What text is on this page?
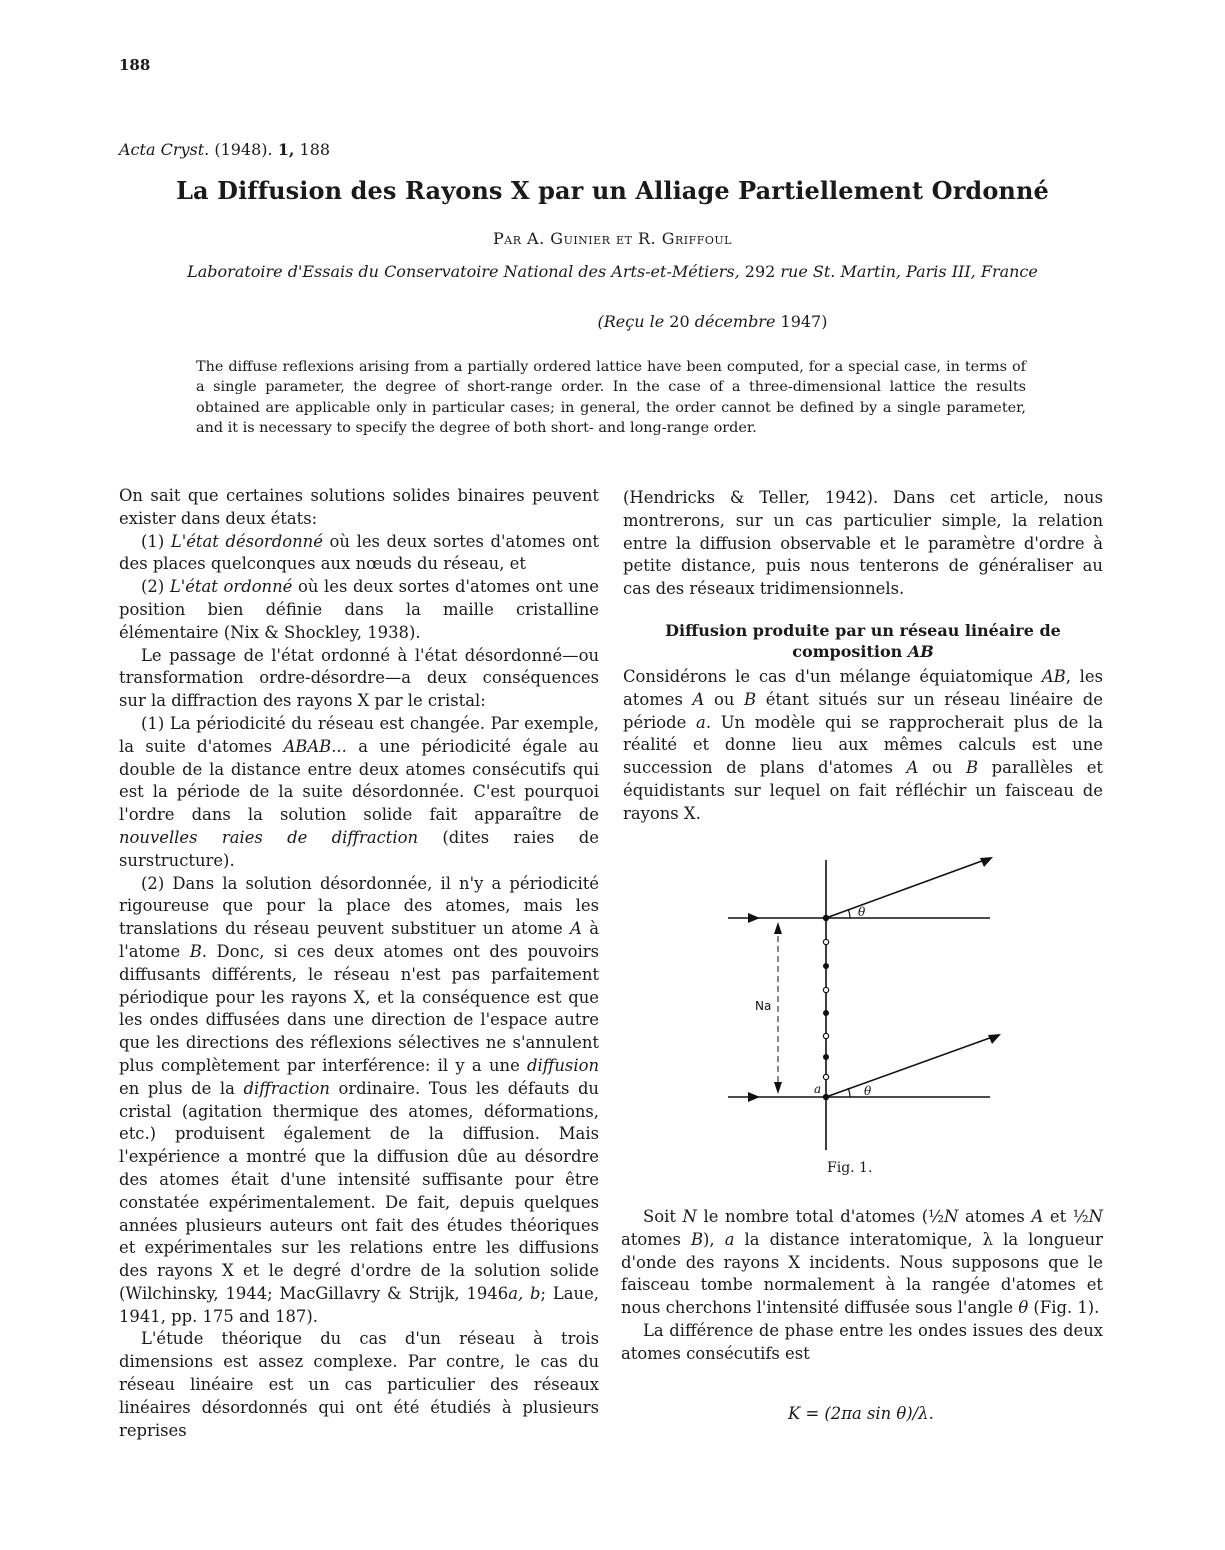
188
Acta Cryst. (1948). 1, 188
La Diffusion des Rayons X par un Alliage Partiellement Ordonné
Par A. Guinier et R. Griffoul
Laboratoire d'Essais du Conservatoire National des Arts-et-Métiers, 292 rue St. Martin, Paris III, France
(Reçu le 20 décembre 1947)
The diffuse reflexions arising from a partially ordered lattice have been computed, for a special case, in terms of a single parameter, the degree of short-range order. In the case of a three-dimensional lattice the results obtained are applicable only in particular cases; in general, the order cannot be defined by a single parameter, and it is necessary to specify the degree of both short- and long-range order.

On sait que certaines solutions solides binaires peuvent exister dans deux états:

(1) L'état désordonné où les deux sortes d'atomes ont des places quelconques aux nœuds du réseau, et

(2) L'état ordonné où les deux sortes d'atomes ont une position bien définie dans la maille cristalline élémentaire (Nix & Shockley, 1938).

Le passage de l'état ordonné à l'état désordonné—ou transformation ordre-désordre—a deux conséquences sur la diffraction des rayons X par le cristal:

(1) La périodicité du réseau est changée. Par exemple, la suite d'atomes ABAB... a une périodicité égale au double de la distance entre deux atomes consécutifs qui est la période de la suite désordonnée. C'est pourquoi l'ordre dans la solution solide fait apparaître de nouvelles raies de diffraction (dites raies de surstructure).

(2) Dans la solution désordonnée, il n'y a périodicité rigoureuse que pour la place des atomes, mais les translations du réseau peuvent substituer un atome A à l'atome B. Donc, si ces deux atomes ont des pouvoirs diffusants différents, le réseau n'est pas parfaitement périodique pour les rayons X, et la conséquence est que les ondes diffusées dans une direction de l'espace autre que les directions des réflexions sélectives ne s'annulent plus complètement par interférence: il y a une diffusion en plus de la diffraction ordinaire. Tous les défauts du cristal (agitation thermique des atomes, déformations, etc.) produisent également de la diffusion. Mais l'expérience a montré que la diffusion dûe au désordre des atomes était d'une intensité suffisante pour être constatée expérimentalement. De fait, depuis quelques années plusieurs auteurs ont fait des études théoriques et expérimentales sur les relations entre les diffusions des rayons X et le degré d'ordre de la solution solide (Wilchinsky, 1944; MacGillavry & Strijk, 1946a, b; Laue, 1941, pp. 175 and 187).

L'étude théorique du cas d'un réseau à trois dimensions est assez complexe. Par contre, le cas du réseau linéaire est un cas particulier des réseaux linéaires désordonnés qui ont été étudiés à plusieurs reprises

(Hendricks & Teller, 1942). Dans cet article, nous montrerons, sur un cas particulier simple, la relation entre la diffusion observable et le paramètre d'ordre à petite distance, puis nous tenterons de généraliser au cas des réseaux tridimensionnels.

Diffusion produite par un réseau linéaire de
composition AB

Considérons le cas d'un mélange équiatomique AB, les atomes A ou B étant situés sur un réseau linéaire de période a. Un modèle qui se rapprocherait plus de la réalité et donne lieu aux mêmes calculs est une succession de plans d'atomes A ou B parallèles et équidistants sur lequel on fait réfléchir un faisceau de rayons X.

θ
θ
Na
a
Fig. 1.

Soit N le nombre total d'atomes (½N atomes A et ½N atomes B), a la distance interatomique, λ la longueur d'onde des rayons X incidents. Nous supposons que le faisceau tombe normalement à la rangée d'atomes et nous cherchons l'intensité diffusée sous l'angle θ (Fig. 1).

La différence de phase entre les ondes issues des deux atomes consécutifs est

K = (2πa sin θ)/λ.
